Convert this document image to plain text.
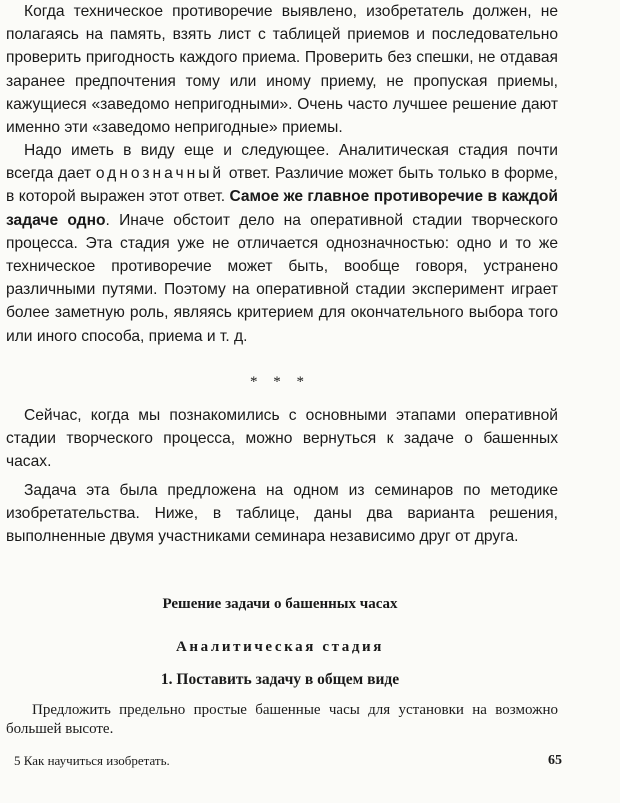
Когда техническое противоречие выявлено, изобретатель должен, не полагаясь на память, взять лист с таблицей приемов и последовательно проверить пригодность каждого приема. Проверить без спешки, не отдавая заранее предпочтения тому или иному приему, не пропуская приемы, кажущиеся «заведомо непригодными». Очень часто лучшее решение дают именно эти «заведомо непригодные» приемы.

Надо иметь в виду еще и следующее. Аналитическая стадия почти всегда дает однозначный ответ. Различие может быть только в форме, в которой выражен этот ответ. Самое же главное противоречие в каждой задаче одно. Иначе обстоит дело на оперативной стадии творческого процесса. Эта стадия уже не отличается однозначностью: одно и то же техническое противоречие может быть, вообще говоря, устранено различными путями. Поэтому на оперативной стадии эксперимент играет более заметную роль, являясь критерием для окончательного выбора того или иного способа, приема и т. д.

* * *

Сейчас, когда мы познакомились с основными этапами оперативной стадии творческого процесса, можно вернуться к задаче о башенных часах.

Задача эта была предложена на одном из семинаров по методике изобретательства. Ниже, в таблице, даны два варианта решения, выполненные двумя участниками семинара независимо друг от друга.

Решение задачи о башенных часах
Аналитическая стадия
1. Поставить задачу в общем виде

Предложить предельно простые башенные часы для установки на возможно большей высоте.

5 Как научиться изобретать.	65
